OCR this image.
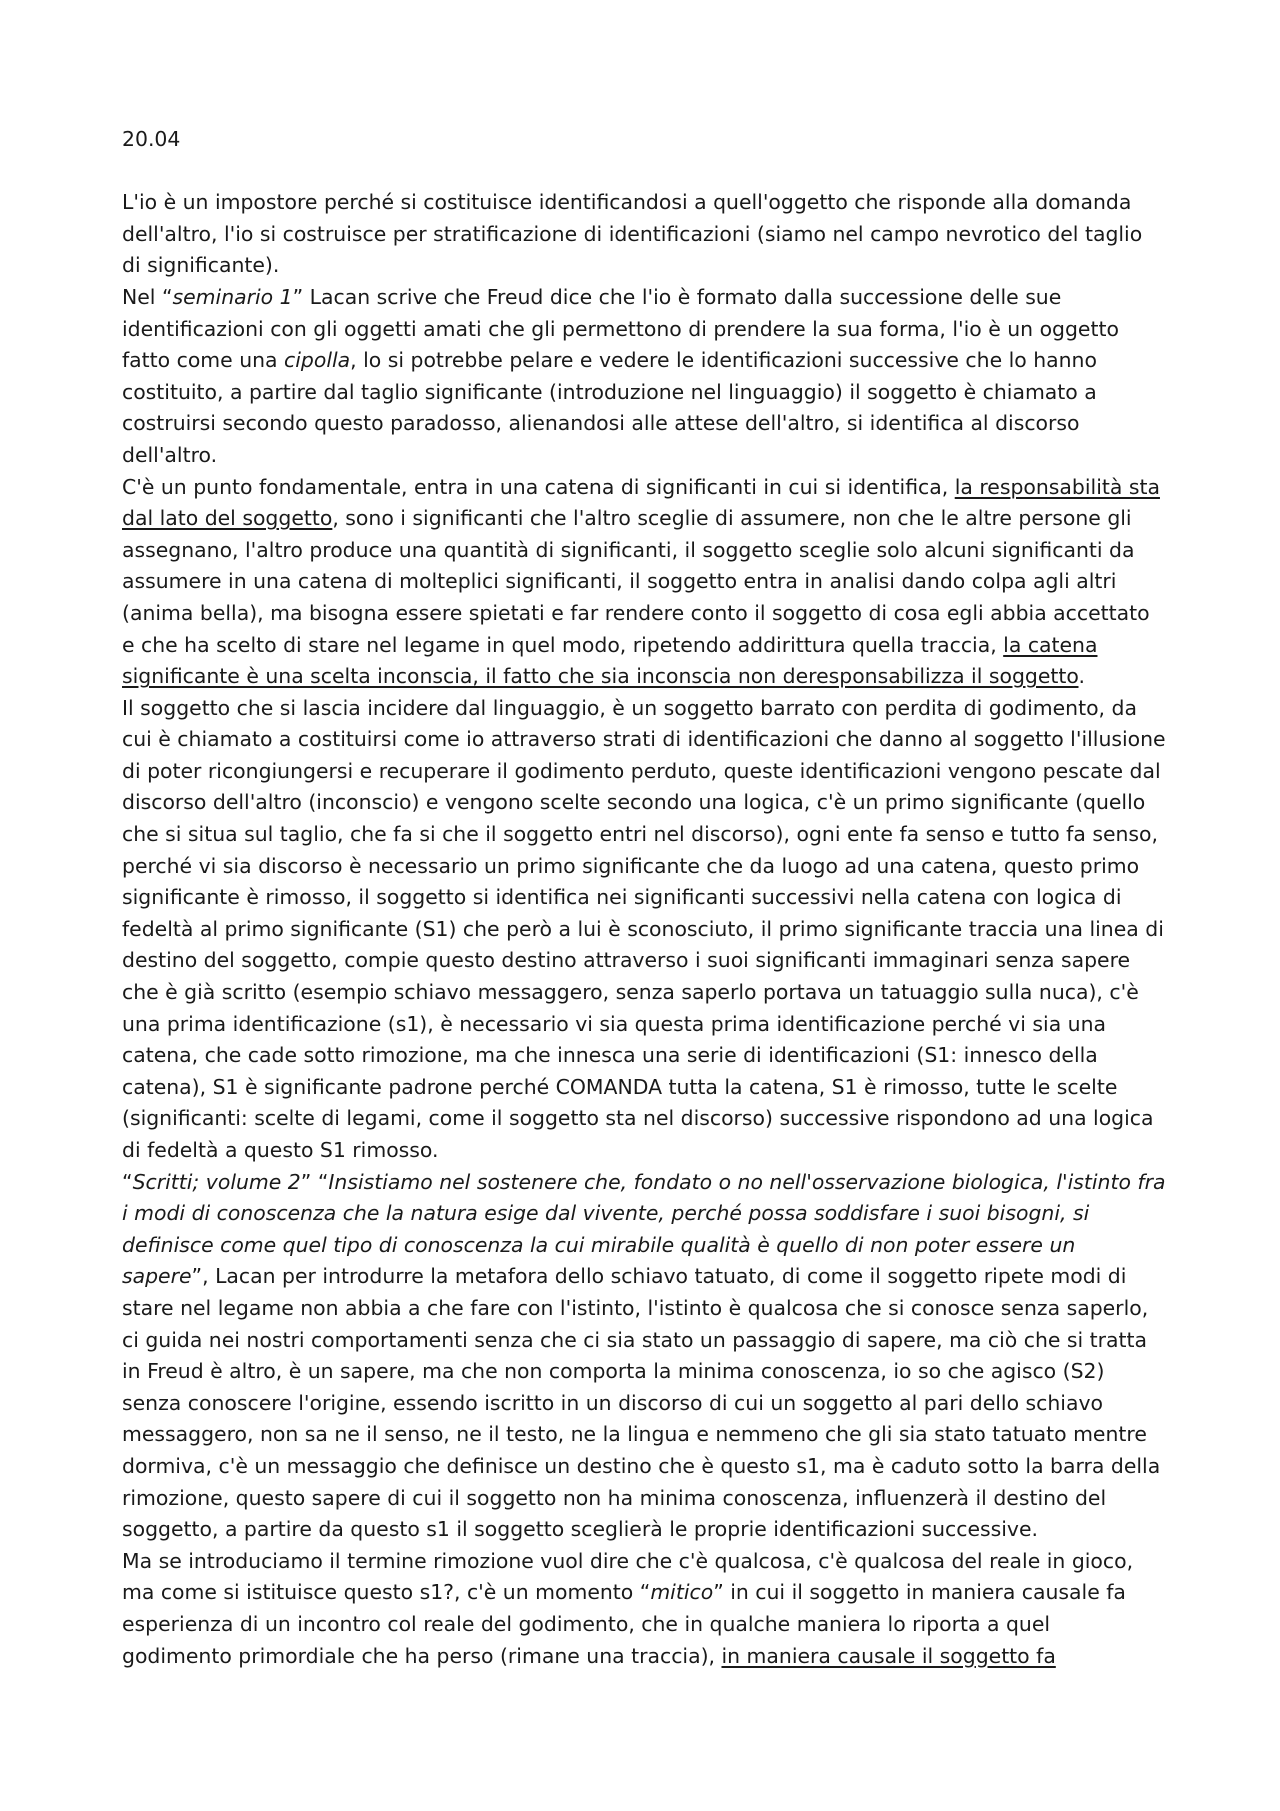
20.04

L'io è un impostore perché si costituisce identificandosi a quell'oggetto che risponde alla domanda dell'altro, l'io si costruisce per stratificazione di identificazioni (siamo nel campo nevrotico del taglio di significante).

Nel “seminario 1” Lacan scrive che Freud dice che l'io è formato dalla successione delle sue identificazioni con gli oggetti amati che gli permettono di prendere la sua forma, l'io è un oggetto fatto come una cipolla, lo si potrebbe pelare e vedere le identificazioni successive che lo hanno costituito, a partire dal taglio significante (introduzione nel linguaggio) il soggetto è chiamato a costruirsi secondo questo paradosso, alienandosi alle attese dell'altro, si identifica al discorso dell'altro.

C'è un punto fondamentale, entra in una catena di significanti in cui si identifica, la responsabilità sta dal lato del soggetto, sono i significanti che l'altro sceglie di assumere, non che le altre persone gli assegnano, l'altro produce una quantità di significanti, il soggetto sceglie solo alcuni significanti da assumere in una catena di molteplici significanti, il soggetto entra in analisi dando colpa agli altri (anima bella), ma bisogna essere spietati e far rendere conto il soggetto di cosa egli abbia accettato e che ha scelto di stare nel legame in quel modo, ripetendo addirittura quella traccia, la catena significante è una scelta inconscia, il fatto che sia inconscia non deresponsabilizza il soggetto.

Il soggetto che si lascia incidere dal linguaggio, è un soggetto barrato con perdita di godimento, da cui è chiamato a costituirsi come io attraverso strati di identificazioni che danno al soggetto l'illusione di poter ricongiungersi e recuperare il godimento perduto, queste identificazioni vengono pescate dal discorso dell'altro (inconscio) e vengono scelte secondo una logica, c'è un primo significante (quello che si situa sul taglio, che fa si che il soggetto entri nel discorso), ogni ente fa senso e tutto fa senso, perché vi sia discorso è necessario un primo significante che da luogo ad una catena, questo primo significante è rimosso, il soggetto si identifica nei significanti successivi nella catena con logica di fedeltà al primo significante (S1) che però a lui è sconosciuto, il primo significante traccia una linea di destino del soggetto, compie questo destino attraverso i suoi significanti immaginari senza sapere che è già scritto (esempio schiavo messaggero, senza saperlo portava un tatuaggio sulla nuca), c'è una prima identificazione (s1), è necessario vi sia questa prima identificazione perché vi sia una catena, che cade sotto rimozione, ma che innesca una serie di identificazioni (S1: innesco della catena), S1 è significante padrone perché COMANDA tutta la catena, S1 è rimosso, tutte le scelte (significanti: scelte di legami, come il soggetto sta nel discorso) successive rispondono ad una logica di fedeltà a questo S1 rimosso.

“Scritti; volume 2” “Insistiamo nel sostenere che, fondato o no nell'osservazione biologica, l'istinto fra i modi di conoscenza che la natura esige dal vivente, perché possa soddisfare i suoi bisogni, si definisce come quel tipo di conoscenza la cui mirabile qualità è quello di non poter essere un sapere”, Lacan per introdurre la metafora dello schiavo tatuato, di come il soggetto ripete modi di stare nel legame non abbia a che fare con l'istinto, l'istinto è qualcosa che si conosce senza saperlo, ci guida nei nostri comportamenti senza che ci sia stato un passaggio di sapere, ma ciò che si tratta in Freud è altro, è un sapere, ma che non comporta la minima conoscenza, io so che agisco (S2) senza conoscere l'origine, essendo iscritto in un discorso di cui un soggetto al pari dello schiavo messaggero, non sa ne il senso, ne il testo, ne la lingua e nemmeno che gli sia stato tatuato mentre dormiva, c'è un messaggio che definisce un destino che è questo s1, ma è caduto sotto la barra della rimozione, questo sapere di cui il soggetto non ha minima conoscenza, influenzerà il destino del soggetto, a partire da questo s1 il soggetto sceglierà le proprie identificazioni successive.

Ma se introduciamo il termine rimozione vuol dire che c'è qualcosa, c'è qualcosa del reale in gioco, ma come si istituisce questo s1?, c'è un momento “mitico” in cui il soggetto in maniera causale fa esperienza di un incontro col reale del godimento, che in qualche maniera lo riporta a quel godimento primordiale che ha perso (rimane una traccia), in maniera causale il soggetto fa
